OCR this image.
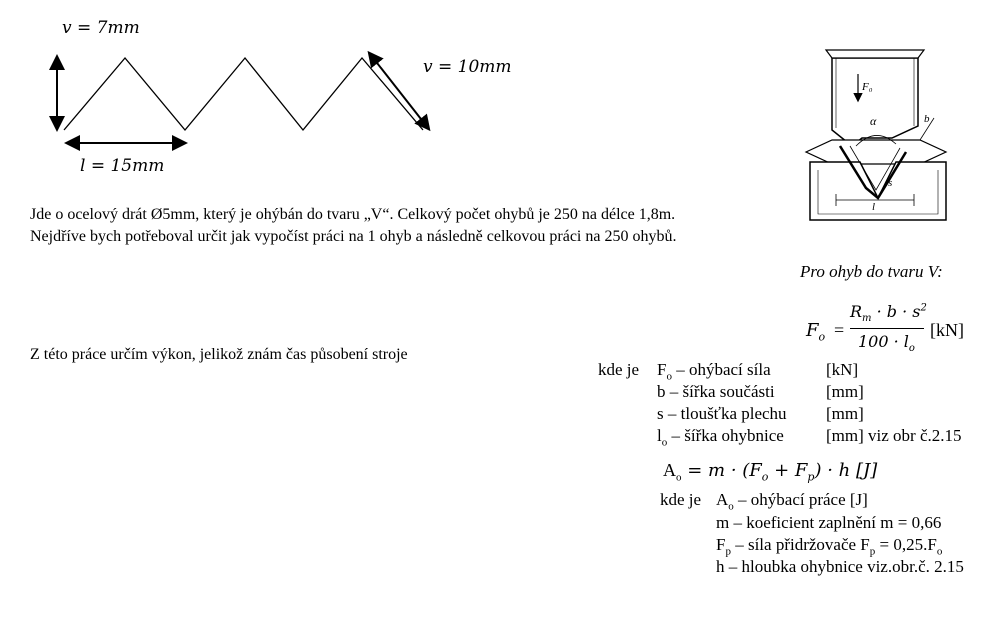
v = 7mm
v = 10mm
l = 15mm
Jde o ocelový drát Ø5mm, který je ohýbán do tvaru „V“. Celkový počet ohybů je 250 na délce 1,8m.
Nejdříve bych potřeboval určit jak vypočíst práci na 1 ohyb a následně celkovou práci na 250 ohybů.
Z této práce určím výkon, jelikož znám čas působení stroje
F₀
α	b
s
l
Pro ohyb do tvaru V:
$F_o$ =
$R_m \cdot b \cdot s^2$
$100 \cdot l_o$
[kN]
kde je $F_o$ – ohýbací síla	[kN]
b – šířka součásti	[mm]
s – tloušťka plechu [mm]
$l_o$ – šířka ohybnice [mm] viz obr č.2.15
$A_o = m \cdot (F_o + F_p) \cdot h$ [J]
kde je $A_o$ – ohýbací práce [J]
m – koeficient zaplnění m = 0,66
$F_p$ – síla přidržovače $F_p = 0,25.F_o$
h – hloubka ohybnice viz.obr.č. 2.15
